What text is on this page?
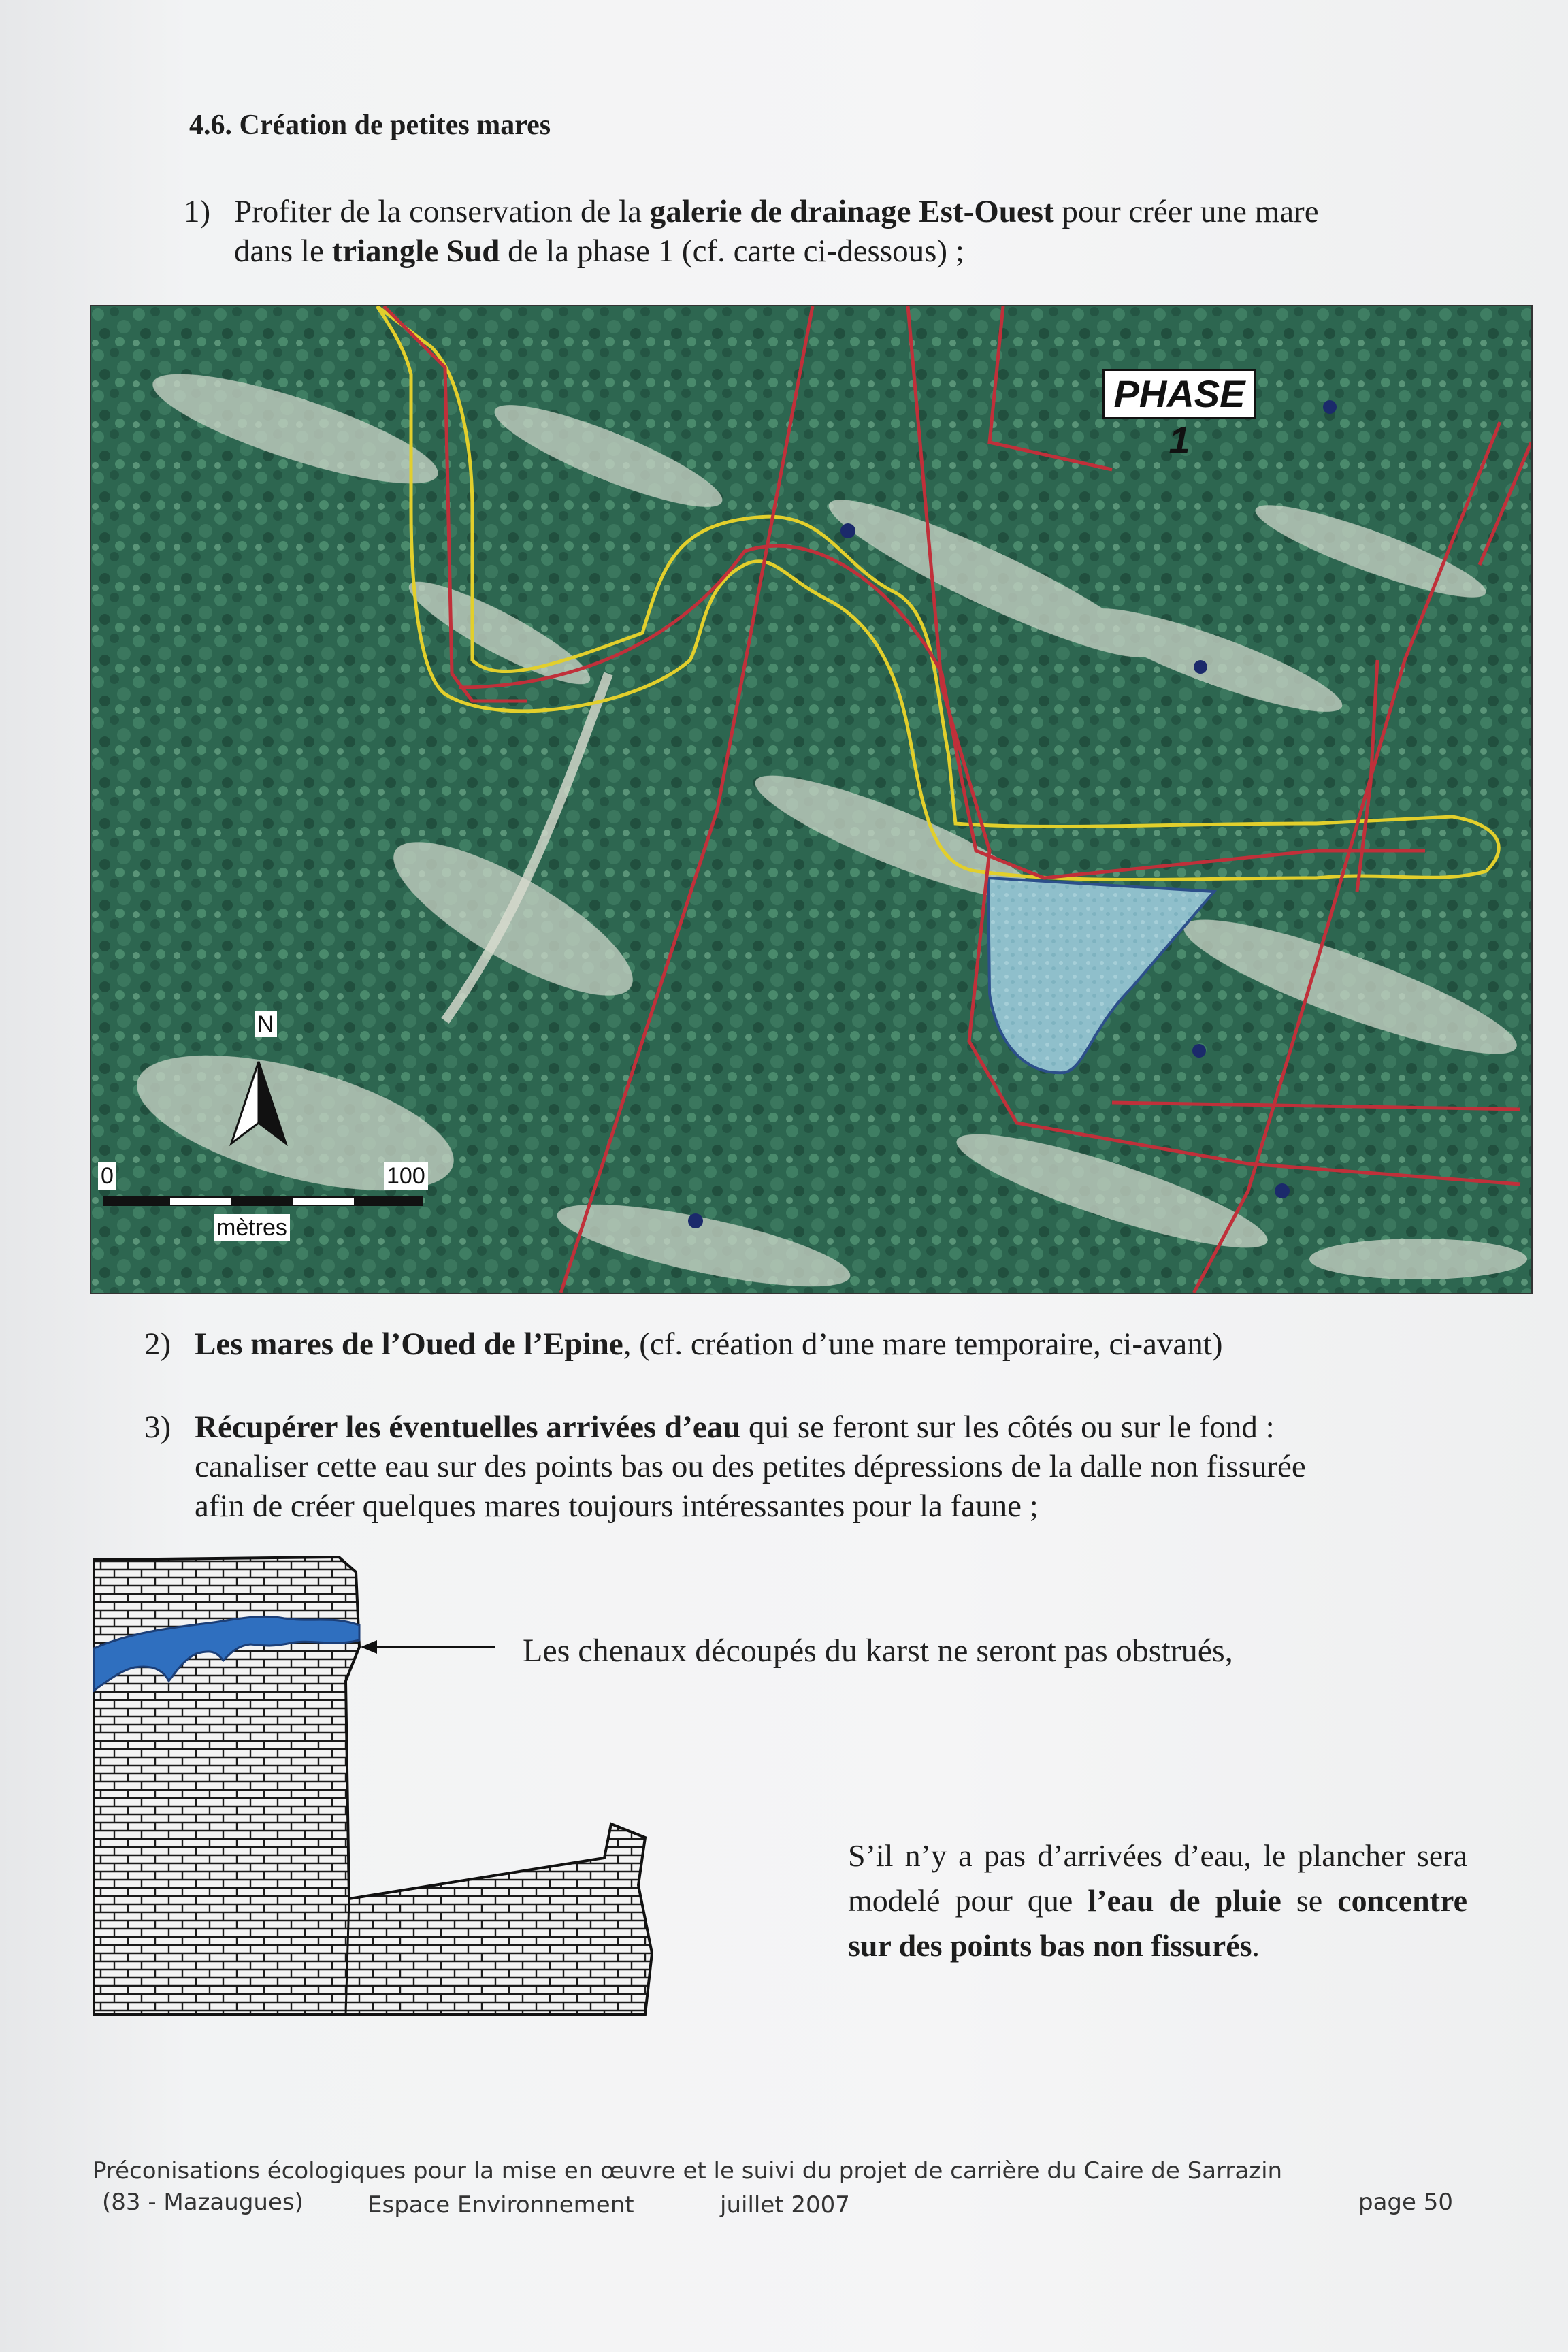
4.6. Création de petites mares
1) Profiter de la conservation de la galerie de drainage Est-Ouest pour créer une mare
dans le triangle Sud de la phase 1 (cf. carte ci-dessous) ;
PHASE 1
N
0	100
mètres
2) Les mares de l’Oued de l’Epine, (cf. création d’une mare temporaire, ci-avant)
3) Récupérer les éventuelles arrivées d’eau qui se feront sur les côtés ou sur le fond :
canaliser cette eau sur des points bas ou des petites dépressions de la dalle non fissurée
afin de créer quelques mares toujours intéressantes pour la faune ;
Les chenaux découpés du karst ne seront pas obstrués,
S’il n’y a pas d’arrivées d’eau, le plancher sera modelé pour que l’eau de pluie se concentre sur des points bas non fissurés.
Préconisations écologiques pour la mise en œuvre et le suivi du projet de carrière du Caire de Sarrazin
(83 - Mazaugues)	Espace Environnement	juillet 2007	page 50
